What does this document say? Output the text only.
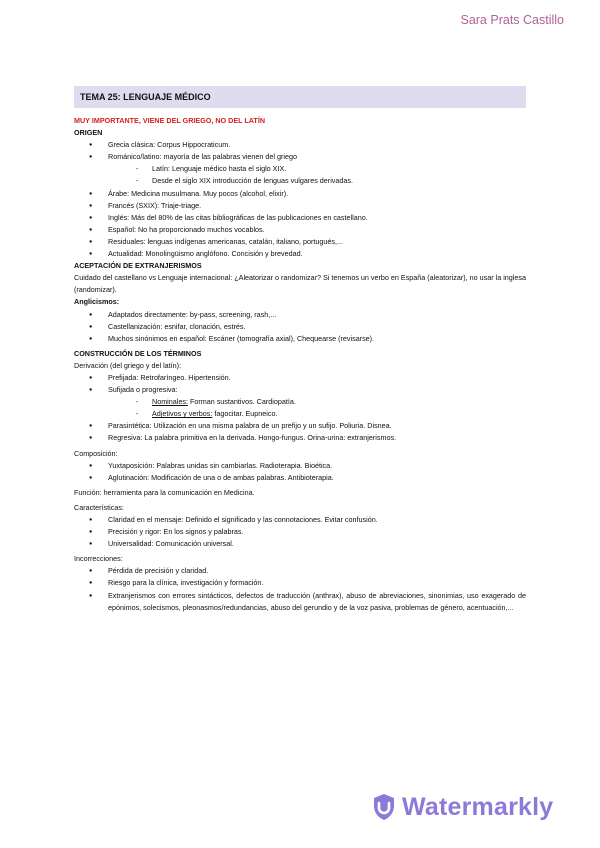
Sara Prats Castillo
TEMA 25: LENGUAJE MÉDICO

MUY IMPORTANTE, VIENE DEL GRIEGO, NO DEL LATÍN

ORIGEN

● Grecia clásica: Corpus Hippocraticum.
● Románico/latino: mayoría de las palabras vienen del griego
- Latín: Lenguaje médico hasta el siglo XIX.
- Desde el siglo XIX introducción de lenguas vulgares derivadas.
● Árabe: Medicina musulmana. Muy pocos (alcohol, elixir).
● Francés (SXIX): Triaje-triage.
● Inglés: Más del 80% de las citas bibliográficas de las publicaciones en castellano.
● Español: No ha proporcionado muchos vocablos.
● Residuales: lenguas indígenas americanas, catalán, italiano, portugués,...
● Actualidad: Monolingüismo anglófono. Concisión y brevedad.

ACEPTACIÓN DE EXTRANJERISMOS

Cuidado del castellano vs Lenguaje internacional: ¿Aleatorizar o randomizar? Si tenemos un verbo en España (aleatorizar), no usar la inglesa (randomizar).

Anglicismos:

● Adaptados directamente: by-pass, screening, rash,...
● Castellanización: esnifar, clonación, estrés.
● Muchos sinónimos en español: Escáner (tomografía axial), Chequearse (revisarse).

CONSTRUCCIÓN DE LOS TÉRMINOS

Derivación (del griego y del latín):

● Prefijada: Retrofaríngeo. Hipertensión.
● Sufijada o progresiva:
- Nominales: Forman sustantivos. Cardiopatía.
- Adjetivos y verbos: fagocitar. Eupneico.
● Parasintética: Utilización en una misma palabra de un prefijo y un sufijo. Poliuria. Disnea.
● Regresiva: La palabra primitiva en la derivada. Hongo-fungus. Orina-urina: extranjerismos.

Composición:

● Yuxtaposición: Palabras unidas sin cambiarlas. Radioterapia. Bioética.
● Aglutinación: Modificación de una o de ambas palabras. Antibioterapia.

Función: herramienta para la comunicación en Medicina.

Características:

● Claridad en el mensaje: Definido el significado y las connotaciones. Evitar confusión.
● Precisión y rigor: En los signos y palabras.
● Universalidad: Comunicación universal.

Incorrecciones:

● Pérdida de precisión y claridad.
● Riesgo para la clínica, investigación y formación.
● Extranjerismos con errores sintácticos, defectos de traducción (anthrax), abuso de abreviaciones, sinonimias, uso exagerado de epónimos, solecismos, pleonasmos/redundancias, abuso del gerundio y de la voz pasiva, problemas de género, acentuación,...
Watermarkly
